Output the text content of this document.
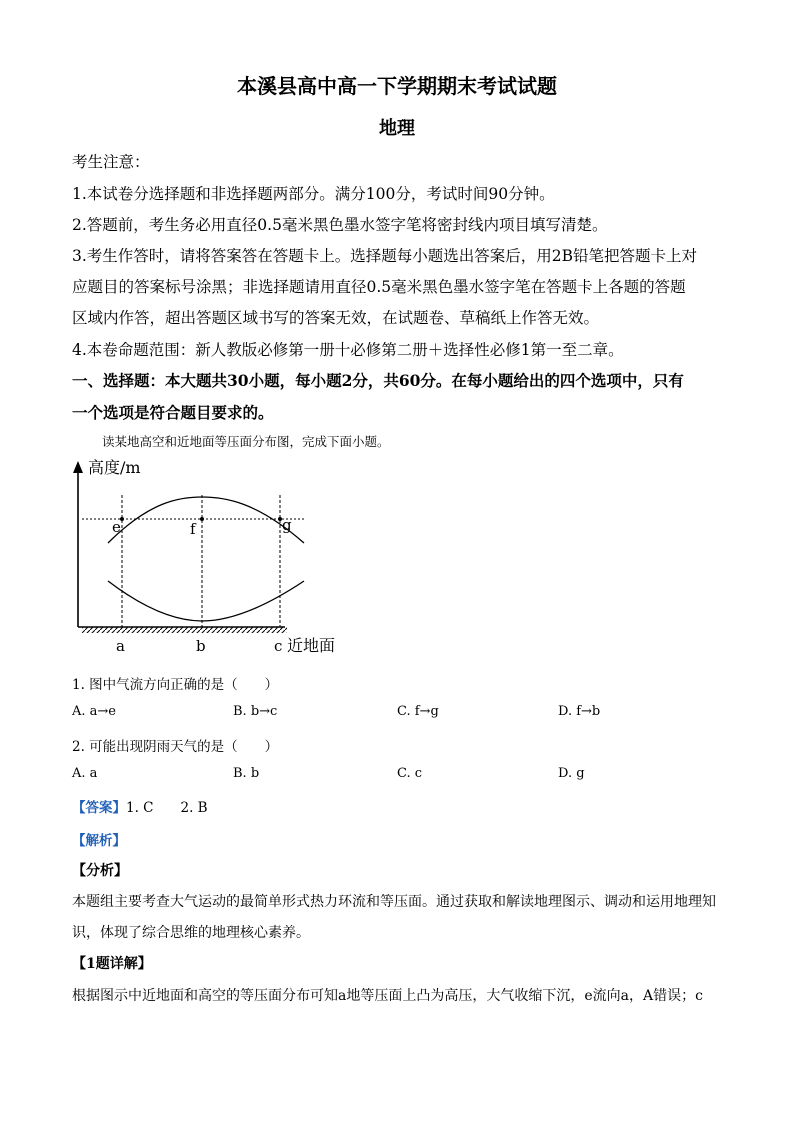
本溪县高中高一下学期期末考试试题
地理
考生注意：
1.本试卷分选择题和非选择题两部分。满分100分，考试时间90分钟。
2.答题前，考生务必用直径0.5毫米黑色墨水签字笔将密封线内项目填写清楚。
3.考生作答时，请将答案答在答题卡上。选择题每小题选出答案后，用2B铅笔把答题卡上对
应题目的答案标号涂黑；非选择题请用直径0.5毫米黑色墨水签字笔在答题卡上各题的答题
区域内作答，超出答题区域书写的答案无效，在试题卷、草稿纸上作答无效。
4.本卷命题范围：新人教版必修第一册十必修第二册＋选择性必修1第一至二章。
一、选择题：本大题共30小题，每小题2分，共60分。在每小题给出的四个选项中，只有
一个选项是符合题目要求的。
读某地高空和近地面等压面分布图，完成下面小题。
高度/m
e	f	g
a	b	c 近地面
1. 图中气流方向正确的是（　　）
A. a→e	B. b→c	C. f→g	D. f→b
2. 可能出现阴雨天气的是（　　）
A. a	B. b	C. c	D. g
【答案】1. C　　2. B
【解析】
【分析】
本题组主要考查大气运动的最简单形式热力环流和等压面。通过获取和解读地理图示、调动和运用地理知
识，体现了综合思维的地理核心素养。
【1题详解】
根据图示中近地面和高空的等压面分布可知a地等压面上凸为高压，大气收缩下沉，e流向a，A错误；c
